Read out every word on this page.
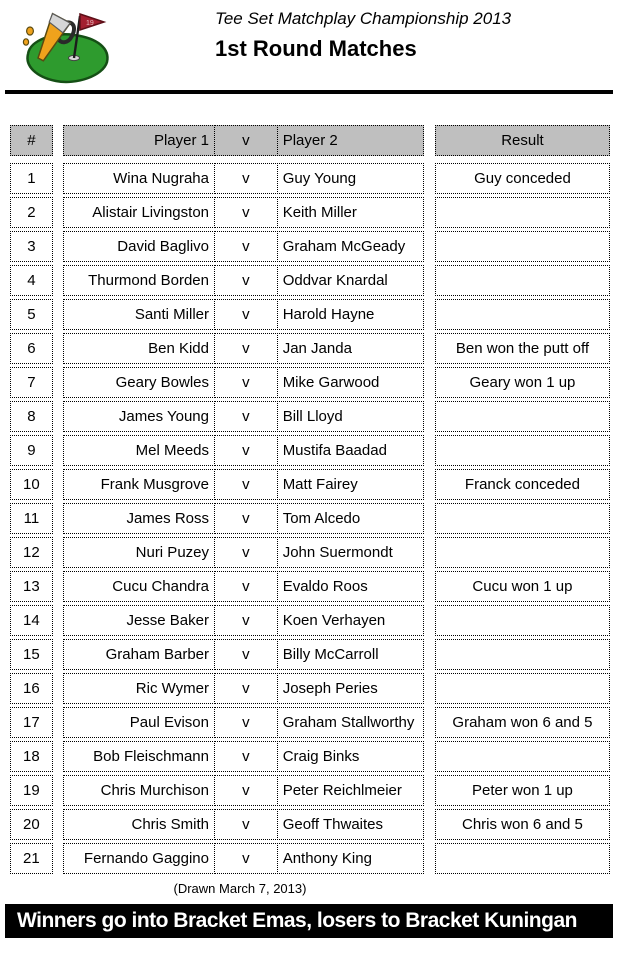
19	Tee Set Matchplay Championship 2013
1st Round Matches
#	Player 1	v	Player 2	Result
1	Wina Nugraha	v	Guy Young	Guy conceded
2	Alistair Livingston	v	Keith Miller
3	David Baglivo	v	Graham McGeady
4	Thurmond Borden	v	Oddvar Knardal
5	Santi Miller	v	Harold Hayne
6	Ben Kidd	v	Jan Janda	Ben won the putt off
7	Geary Bowles	v	Mike Garwood	Geary won 1 up
8	James Young	v	Bill Lloyd
9	Mel Meeds	v	Mustifa Baadad
10	Frank Musgrove	v	Matt Fairey	Franck conceded
11	James Ross	v	Tom Alcedo
12	Nuri Puzey	v	John Suermondt
13	Cucu Chandra	v	Evaldo Roos	Cucu won 1 up
14	Jesse Baker	v	Koen Verhayen
15	Graham Barber	v	Billy McCarroll
16	Ric Wymer	v	Joseph Peries
17	Paul Evison	v	Graham Stallworthy	Graham won 6 and 5
18	Bob Fleischmann	v	Craig Binks
19	Chris Murchison	v	Peter Reichlmeier	Peter won 1 up
20	Chris Smith	v	Geoff Thwaites	Chris won 6 and 5
21	Fernando Gaggino	v	Anthony King
(Drawn March 7, 2013)
Winners go into Bracket Emas, losers to Bracket Kuningan
